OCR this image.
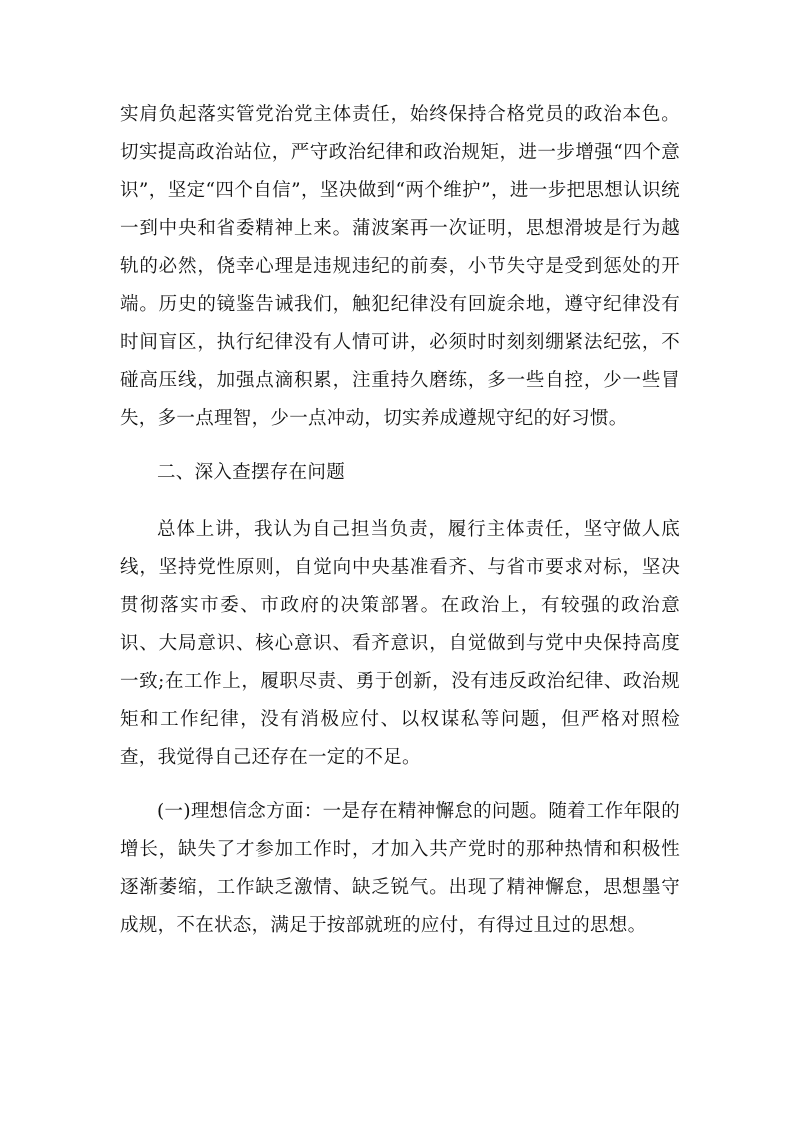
实肩负起落实管党治党主体责任，始终保持合格党员的政治本色。切实提高政治站位，严守政治纪律和政治规矩，进一步增强“四个意识”，坚定“四个自信”，坚决做到“两个维护”，进一步把思想认识统一到中央和省委精神上来。蒲波案再一次证明，思想滑坡是行为越轨的必然，侥幸心理是违规违纪的前奏，小节失守是受到惩处的开端。历史的镜鉴告诫我们，触犯纪律没有回旋余地，遵守纪律没有时间盲区，执行纪律没有人情可讲，必须时时刻刻绷紧法纪弦，不碰高压线，加强点滴积累，注重持久磨练，多一些自控，少一些冒失，多一点理智，少一点冲动，切实养成遵规守纪的好习惯。

二、深入查摆存在问题

总体上讲，我认为自己担当负责，履行主体责任，坚守做人底线，坚持党性原则，自觉向中央基准看齐、与省市要求对标，坚决贯彻落实市委、市政府的决策部署。在政治上，有较强的政治意识、大局意识、核心意识、看齐意识，自觉做到与党中央保持高度一致;在工作上，履职尽责、勇于创新，没有违反政治纪律、政治规矩和工作纪律，没有消极应付、以权谋私等问题，但严格对照检查，我觉得自己还存在一定的不足。

(一)理想信念方面：一是存在精神懈怠的问题。随着工作年限的增长，缺失了才参加工作时，才加入共产党时的那种热情和积极性逐渐萎缩，工作缺乏激情、缺乏锐气。出现了精神懈怠，思想墨守成规，不在状态，满足于按部就班的应付，有得过且过的思想。
